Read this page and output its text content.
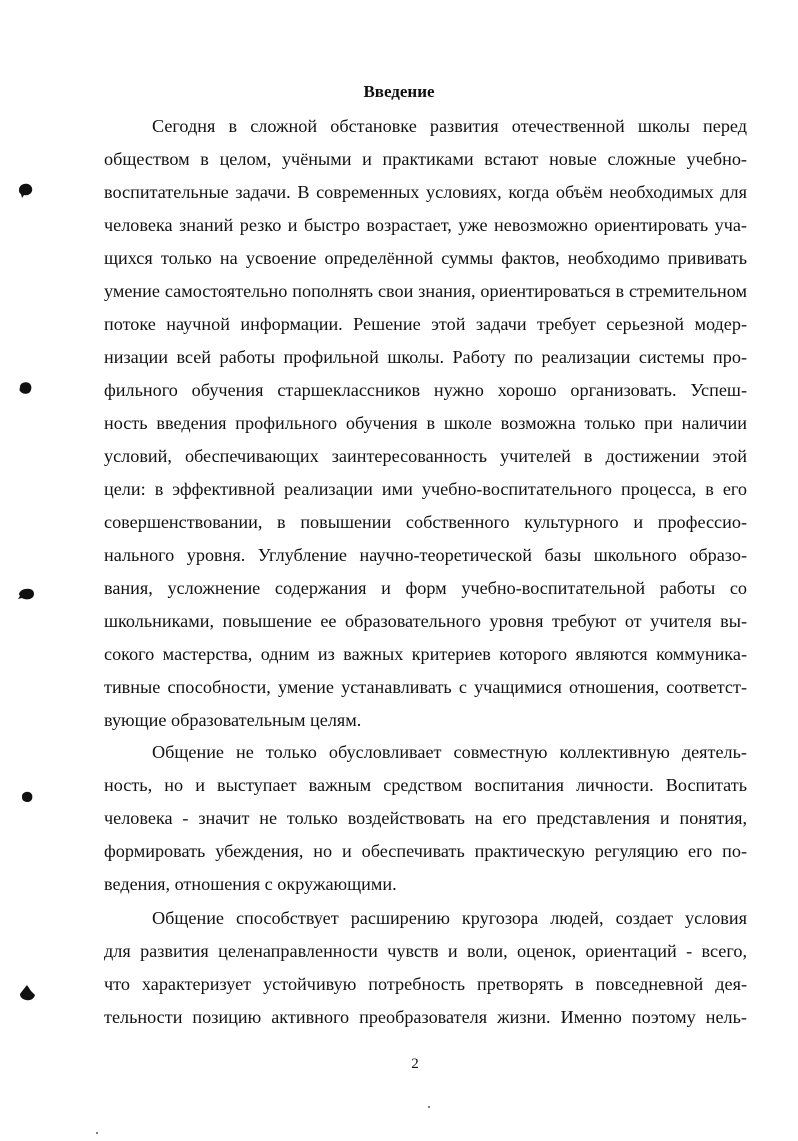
Введение
Сегодня в сложной обстановке развития отечественной школы перед
обществом в целом, учёными и практиками встают новые сложные учебно-
воспитательные задачи. В современных условиях, когда объём необходимых для
человека знаний резко и быстро возрастает, уже невозможно ориентировать уча-
щихся только на усвоение определённой суммы фактов, необходимо прививать
умение самостоятельно пополнять свои знания, ориентироваться в стремительном
потоке научной информации. Решение этой задачи требует серьезной модер-
низации всей работы профильной школы. Работу по реализации системы про-
фильного обучения старшеклассников нужно хорошо организовать. Успеш-
ность введения профильного обучения в школе возможна только при наличии
условий, обеспечивающих заинтересованность учителей в достижении этой
цели: в эффективной реализации ими учебно-воспитательного процесса, в его
совершенствовании, в повышении собственного культурного и профессио-
нального уровня. Углубление научно-теоретической базы школьного образо-
вания, усложнение содержания и форм учебно-воспитательной работы со
школьниками, повышение ее образовательного уровня требуют от учителя вы-
сокого мастерства, одним из важных критериев которого являются коммуника-
тивные способности, умение устанавливать с учащимися отношения, соответст-
вующие образовательным целям.
Общение не только обусловливает совместную коллективную деятель-
ность, но и выступает важным средством воспитания личности. Воспитать
человека - значит не только воздействовать на его представления и понятия,
формировать убеждения, но и обеспечивать практическую регуляцию его по-
ведения, отношения с окружающими.
Общение способствует расширению кругозора людей, создает условия
для развития целенаправленности чувств и воли, оценок, ориентаций - всего,
что характеризует устойчивую потребность претворять в повседневной дея-
тельности позицию активного преобразователя жизни. Именно поэтому нель-
2
